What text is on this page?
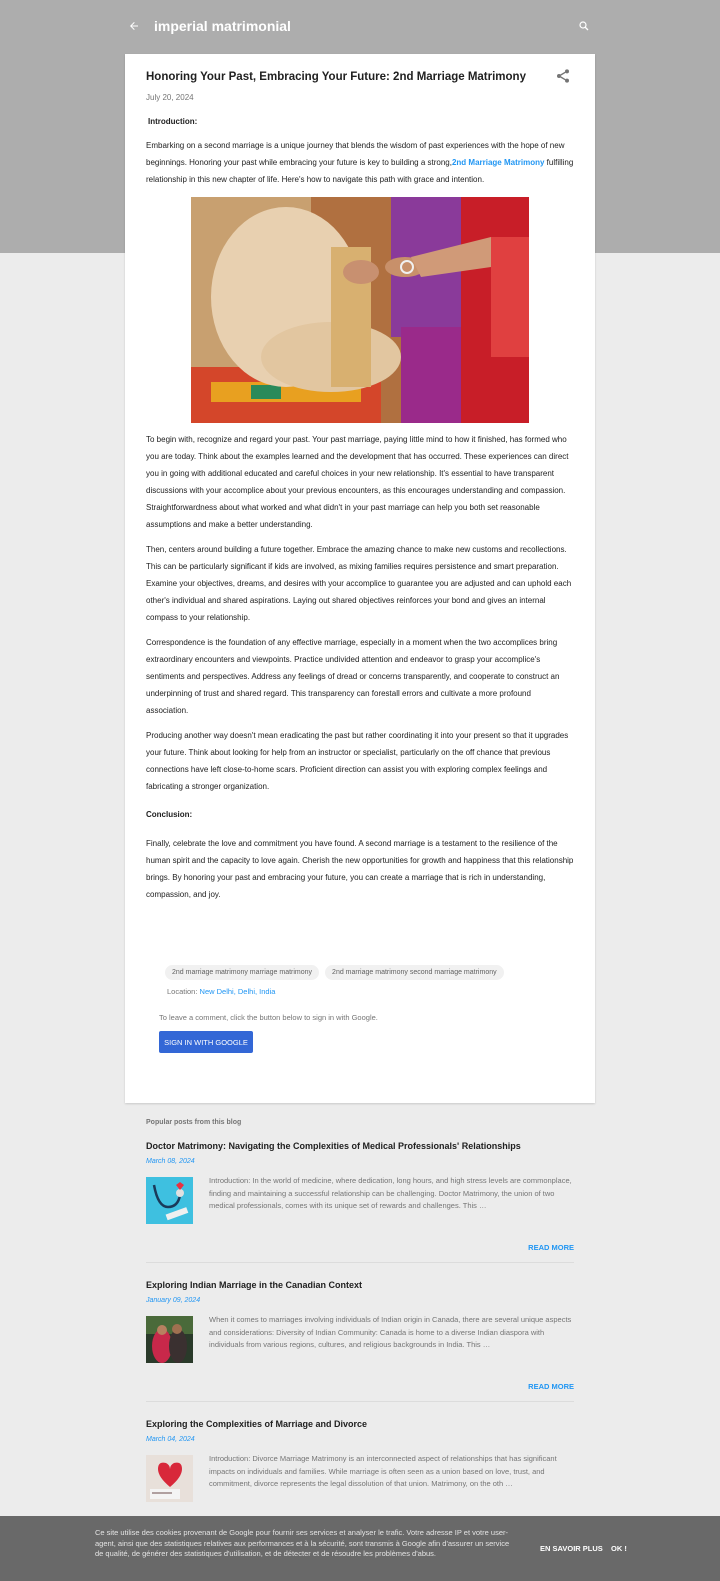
imperial matrimonial
Honoring Your Past, Embracing Your Future: 2nd Marriage Matrimony
July 20, 2024
Introduction:

Embarking on a second marriage is a unique journey that blends the wisdom of past experiences with the hope of new beginnings. Honoring your past while embracing your future is key to building a strong,2nd Marriage Matrimony fulfilling relationship in this new chapter of life. Here's how to navigate this path with grace and intention.

To begin with, recognize and regard your past. Your past marriage, paying little mind to how it finished, has formed who you are today. Think about the examples learned and the development that has occurred. These experiences can direct you in going with additional educated and careful choices in your new relationship. It's essential to have transparent discussions with your accomplice about your previous encounters, as this encourages understanding and compassion. Straightforwardness about what worked and what didn't in your past marriage can help you both set reasonable assumptions and make a better understanding.

Then, centers around building a future together. Embrace the amazing chance to make new customs and recollections. This can be particularly significant if kids are involved, as mixing families requires persistence and smart preparation. Examine your objectives, dreams, and desires with your accomplice to guarantee you are adjusted and can uphold each other's individual and shared aspirations. Laying out shared objectives reinforces your bond and gives an internal compass to your relationship.

Correspondence is the foundation of any effective marriage, especially in a moment when the two accomplices bring extraordinary encounters and viewpoints. Practice undivided attention and endeavor to grasp your accomplice's sentiments and perspectives. Address any feelings of dread or concerns transparently, and cooperate to construct an underpinning of trust and shared regard. This transparency can forestall errors and cultivate a more profound association.

Producing another way doesn't mean eradicating the past but rather coordinating it into your present so that it upgrades your future. Think about looking for help from an instructor or specialist, particularly on the off chance that previous connections have left close-to-home scars. Proficient direction can assist you with exploring complex feelings and fabricating a stronger organization.

Conclusion:

Finally, celebrate the love and commitment you have found. A second marriage is a testament to the resilience of the human spirit and the capacity to love again. Cherish the new opportunities for growth and happiness that this relationship brings. By honoring your past and embracing your future, you can create a marriage that is rich in understanding, compassion, and joy.

2nd marriage matrimony marriage matrimony	2nd marriage matrimony second marriage matrimony
Location: New Delhi, Delhi, India
To leave a comment, click the button below to sign in with Google.
SIGN IN WITH GOOGLE
Popular posts from this blog
Doctor Matrimony: Navigating the Complexities of Medical Professionals' Relationships
March 08, 2024
Introduction: In the world of medicine, where dedication, long hours, and high stress levels are commonplace, finding and maintaining a successful relationship can be challenging. Doctor Matrimony, the union of two medical professionals, comes with its unique set of rewards and challenges. This …
READ MORE
Exploring Indian Marriage in the Canadian Context
January 09, 2024
When it comes to marriages involving individuals of Indian origin in Canada, there are several unique aspects and considerations: Diversity of Indian Community: Canada is home to a diverse Indian diaspora with individuals from various regions, cultures, and religious backgrounds in India. This …
READ MORE
Exploring the Complexities of Marriage and Divorce
March 04, 2024
Introduction: Divorce Marriage Matrimony is an interconnected aspect of relationships that has significant impacts on individuals and families. While marriage is often seen as a union based on love, trust, and commitment, divorce represents the legal dissolution of that union. Matrimony, on the oth …
Ce site utilise des cookies provenant de Google pour fournir ses services et analyser le trafic. Votre adresse IP et votre user-agent, ainsi que des statistiques relatives aux performances et à la sécurité, sont transmis à Google afin d'assurer un service de qualité, de générer des statistiques d'utilisation, et de détecter et de résoudre les problèmes d'abus.
EN SAVOIR PLUS OK !
